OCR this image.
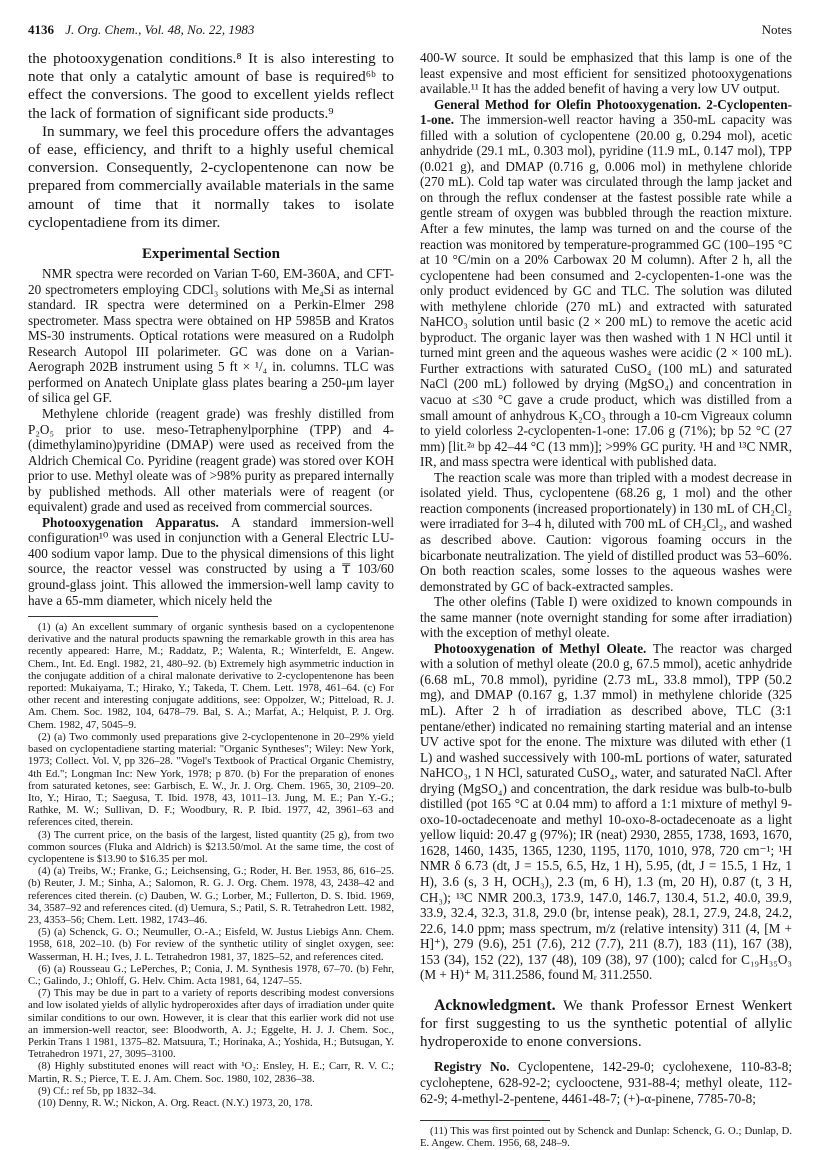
4136 J. Org. Chem., Vol. 48, No. 22, 1983	Notes

the photooxygenation conditions.⁸ It is also interesting to note that only a catalytic amount of base is required⁶ᵇ to effect the conversions. The good to excellent yields reflect the lack of formation of significant side products.⁹

In summary, we feel this procedure offers the advantages of ease, efficiency, and thrift to a highly useful chemical conversion. Consequently, 2-cyclopentenone can now be prepared from commercially available materials in the same amount of time that it normally takes to isolate cyclopentadiene from its dimer.

Experimental Section

NMR spectra were recorded on Varian T-60, EM-360A, and CFT-20 spectrometers employing CDCl₃ solutions with Me₄Si as internal standard. IR spectra were determined on a Perkin-Elmer 298 spectrometer. Mass spectra were obtained on HP 5985B and Kratos MS-30 instruments. Optical rotations were measured on a Rudolph Research Autopol III polarimeter. GC was done on a Varian-Aerograph 202B instrument using 5 ft × ¹/₄ in. columns. TLC was performed on Anatech Uniplate glass plates bearing a 250-μm layer of silica gel GF.

Methylene chloride (reagent grade) was freshly distilled from P₂O₅ prior to use. meso-Tetraphenylporphine (TPP) and 4-(dimethylamino)pyridine (DMAP) were used as received from the Aldrich Chemical Co. Pyridine (reagent grade) was stored over KOH prior to use. Methyl oleate was of >98% purity as prepared internally by published methods. All other materials were of reagent (or equivalent) grade and used as received from commercial sources.

Photooxygenation Apparatus. A standard immersion-well configuration¹⁰ was used in conjunction with a General Electric LU-400 sodium vapor lamp. Due to the physical dimensions of this light source, the reactor vessel was constructed by using a ₸ 103/60 ground-glass joint. This allowed the immersion-well lamp cavity to have a 65-mm diameter, which nicely held the

(1) (a) An excellent summary of organic synthesis based on a cyclopentenone derivative and the natural products spawning the remarkable growth in this area has recently appeared: Harre, M.; Raddatz, P.; Walenta, R.; Winterfeldt, E. Angew. Chem., Int. Ed. Engl. 1982, 21, 480–92. (b) Extremely high asymmetric induction in the conjugate addition of a chiral malonate derivative to 2-cyclopentenone has been reported: Mukaiyama, T.; Hirako, Y.; Takeda, T. Chem. Lett. 1978, 461–64. (c) For other recent and interesting conjugate additions, see: Oppolzer, W.; Pitteload, R. J. Am. Chem. Soc. 1982, 104, 6478–79. Bal, S. A.; Marfat, A.; Helquist, P. J. Org. Chem. 1982, 47, 5045–9.

(2) (a) Two commonly used preparations give 2-cyclopentenone in 20–29% yield based on cyclopentadiene starting material: "Organic Syntheses"; Wiley: New York, 1973; Collect. Vol. V, pp 326–28. "Vogel's Textbook of Practical Organic Chemistry, 4th Ed."; Longman Inc: New York, 1978; p 870. (b) For the preparation of enones from saturated ketones, see: Garbisch, E. W., Jr. J. Org. Chem. 1965, 30, 2109–20. Ito, Y.; Hirao, T.; Saegusa, T. Ibid. 1978, 43, 1011–13. Jung, M. E.; Pan Y.-G.; Rathke, M. W.; Sullivan, D. F.; Woodbury, R. P. Ibid. 1977, 42, 3961–63 and references cited, therein.

(3) The current price, on the basis of the largest, listed quantity (25 g), from two common sources (Fluka and Aldrich) is $213.50/mol. At the same time, the cost of cyclopentene is $13.90 to $16.35 per mol.

(4) (a) Treibs, W.; Franke, G.; Leichsensing, G.; Roder, H. Ber. 1953, 86, 616–25. (b) Reuter, J. M.; Sinha, A.; Salomon, R. G. J. Org. Chem. 1978, 43, 2438–42 and references cited therein. (c) Dauben, W. G.; Lorber, M.; Fullerton, D. S. Ibid. 1969, 34, 3587–92 and references cited. (d) Uemura, S.; Patil, S. R. Tetrahedron Lett. 1982, 23, 4353–56; Chem. Lett. 1982, 1743–46.

(5) (a) Schenck, G. O.; Neumuller, O.-A.; Eisfeld, W. Justus Liebigs Ann. Chem. 1958, 618, 202–10. (b) For review of the synthetic utility of singlet oxygen, see: Wasserman, H. H.; Ives, J. L. Tetrahedron 1981, 37, 1825–52, and references cited.

(6) (a) Rousseau G.; LePerches, P.; Conia, J. M. Synthesis 1978, 67–70. (b) Fehr, C.; Galindo, J.; Ohloff, G. Helv. Chim. Acta 1981, 64, 1247–55.

(7) This may be due in part to a variety of reports describing modest conversions and low isolated yields of allylic hydroperoxides after days of irradiation under quite similar conditions to our own. However, it is clear that this earlier work did not use an immersion-well reactor, see: Bloodworth, A. J.; Eggelte, H. J. J. Chem. Soc., Perkin Trans 1 1981, 1375–82. Matsuura, T.; Horinaka, A.; Yoshida, H.; Butsugan, Y. Tetrahedron 1971, 27, 3095–3100.

(8) Highly substituted enones will react with ¹O₂: Ensley, H. E.; Carr, R. V. C.; Martin, R. S.; Pierce, T. E. J. Am. Chem. Soc. 1980, 102, 2836–38.

(9) Cf.: ref 5b, pp 1832–34.

(10) Denny, R. W.; Nickon, A. Org. React. (N.Y.) 1973, 20, 178.

400-W source. It sould be emphasized that this lamp is one of the least expensive and most efficient for sensitized photooxygenations available.¹¹ It has the added benefit of having a very low UV output.

General Method for Olefin Photooxygenation. 2-Cyclopenten-1-one. The immersion-well reactor having a 350-mL capacity was filled with a solution of cyclopentene (20.00 g, 0.294 mol), acetic anhydride (29.1 mL, 0.303 mol), pyridine (11.9 mL, 0.147 mol), TPP (0.021 g), and DMAP (0.716 g, 0.006 mol) in methylene chloride (270 mL). Cold tap water was circulated through the lamp jacket and on through the reflux condenser at the fastest possible rate while a gentle stream of oxygen was bubbled through the reaction mixture. After a few minutes, the lamp was turned on and the course of the reaction was monitored by temperature-programmed GC (100–195 °C at 10 °C/min on a 20% Carbowax 20 M column). After 2 h, all the cyclopentene had been consumed and 2-cyclopenten-1-one was the only product evidenced by GC and TLC. The solution was diluted with methylene chloride (270 mL) and extracted with saturated NaHCO₃ solution until basic (2 × 200 mL) to remove the acetic acid byproduct. The organic layer was then washed with 1 N HCl until it turned mint green and the aqueous washes were acidic (2 × 100 mL). Further extractions with saturated CuSO₄ (100 mL) and saturated NaCl (200 mL) followed by drying (MgSO₄) and concentration in vacuo at ≤30 °C gave a crude product, which was distilled from a small amount of anhydrous K₂CO₃ through a 10-cm Vigreaux column to yield colorless 2-cyclopenten-1-one: 17.06 g (71%); bp 52 °C (27 mm) [lit.²ᵃ bp 42–44 °C (13 mm)]; >99% GC purity. ¹H and ¹³C NMR, IR, and mass spectra were identical with published data.

The reaction scale was more than tripled with a modest decrease in isolated yield. Thus, cyclopentene (68.26 g, 1 mol) and the other reaction components (increased proportionately) in 130 mL of CH₂Cl₂ were irradiated for 3–4 h, diluted with 700 mL of CH₂Cl₂, and washed as described above. Caution: vigorous foaming occurs in the bicarbonate neutralization. The yield of distilled product was 53–60%. On both reaction scales, some losses to the aqueous washes were demonstrated by GC of back-extracted samples.

The other olefins (Table I) were oxidized to known compounds in the same manner (note overnight standing for some after irradiation) with the exception of methyl oleate.

Photooxygenation of Methyl Oleate. The reactor was charged with a solution of methyl oleate (20.0 g, 67.5 mmol), acetic anhydride (6.68 mL, 70.8 mmol), pyridine (2.73 mL, 33.8 mmol), TPP (50.2 mg), and DMAP (0.167 g, 1.37 mmol) in methylene chloride (325 mL). After 2 h of irradiation as described above, TLC (3:1 pentane/ether) indicated no remaining starting material and an intense UV active spot for the enone. The mixture was diluted with ether (1 L) and washed successively with 100-mL portions of water, saturated NaHCO₃, 1 N HCl, saturated CuSO₄, water, and saturated NaCl. After drying (MgSO₄) and concentration, the dark residue was bulb-to-bulb distilled (pot 165 °C at 0.04 mm) to afford a 1:1 mixture of methyl 9-oxo-10-octadecenoate and methyl 10-oxo-8-octadecenoate as a light yellow liquid: 20.47 g (97%); IR (neat) 2930, 2855, 1738, 1693, 1670, 1628, 1460, 1435, 1365, 1230, 1195, 1170, 1010, 978, 720 cm⁻¹; ¹H NMR δ 6.73 (dt, J = 15.5, 6.5, Hz, 1 H), 5.95, (dt, J = 15.5, 1 Hz, 1 H), 3.6 (s, 3 H, OCH₃), 2.3 (m, 6 H), 1.3 (m, 20 H), 0.87 (t, 3 H, CH₃); ¹³C NMR 200.3, 173.9, 147.0, 146.7, 130.4, 51.2, 40.0, 39.9, 33.9, 32.4, 32.3, 31.8, 29.0 (br, intense peak), 28.1, 27.9, 24.8, 24.2, 22.6, 14.0 ppm; mass spectrum, m/z (relative intensity) 311 (4, [M + H]⁺), 279 (9.6), 251 (7.6), 212 (7.7), 211 (8.7), 183 (11), 167 (38), 153 (34), 152 (22), 137 (48), 109 (38), 97 (100); calcd for C₁₉H₃₅O₃ (M + H)⁺ Mᵣ 311.2586, found Mᵣ 311.2550.

Acknowledgment. We thank Professor Ernest Wenkert for first suggesting to us the synthetic potential of allylic hydroperoxide to enone conversions.

Registry No. Cyclopentene, 142-29-0; cyclohexene, 110-83-8; cycloheptene, 628-92-2; cyclooctene, 931-88-4; methyl oleate, 112-62-9; 4-methyl-2-pentene, 4461-48-7; (+)-α-pinene, 7785-70-8;

(11) This was first pointed out by Schenck and Dunlap: Schenck, G. O.; Dunlap, D. E. Angew. Chem. 1956, 68, 248–9.
